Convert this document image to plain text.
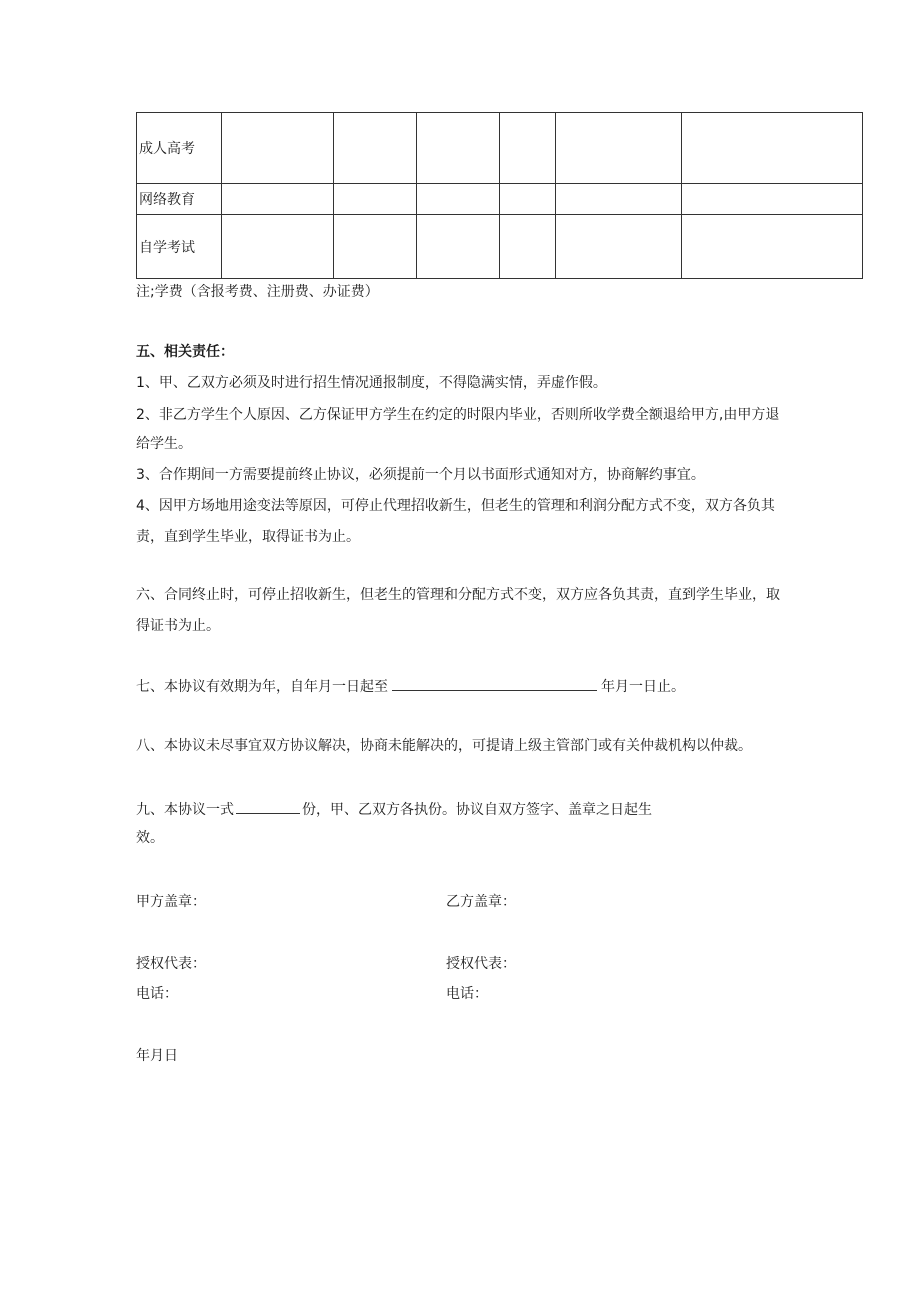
成人高考						
网络教育						
自学考试						
注;学费（含报考费、注册费、办证费）
五、相关责任：
1、甲、乙双方必须及时进行招生情况通报制度，不得隐满实情，弄虚作假。
2、非乙方学生个人原因、乙方保证甲方学生在约定的时限内毕业，否则所收学费全额退给甲方,由甲方退
给学生。
3、合作期间一方需要提前终止协议，必须提前一个月以书面形式通知对方，协商解约事宜。
4、因甲方场地用途变法等原因，可停止代理招收新生，但老生的管理和利润分配方式不变，双方各负其
责，直到学生毕业，取得证书为止。
六、合同终止时，可停止招收新生，但老生的管理和分配方式不变，双方应各负其责，直到学生毕业，取
得证书为止。
七、本协议有效期为年，自年月一日起至	年月一日止。
八、本协议未尽事宜双方协议解决，协商未能解决的，可提请上级主管部门或有关仲裁机构以仲裁。
九、本协议一式	份，甲、乙双方各执份。协议自双方签字、盖章之日起生
效。
甲方盖章：	乙方盖章：
授权代表：	授权代表：
电话：	电话：
年月日
